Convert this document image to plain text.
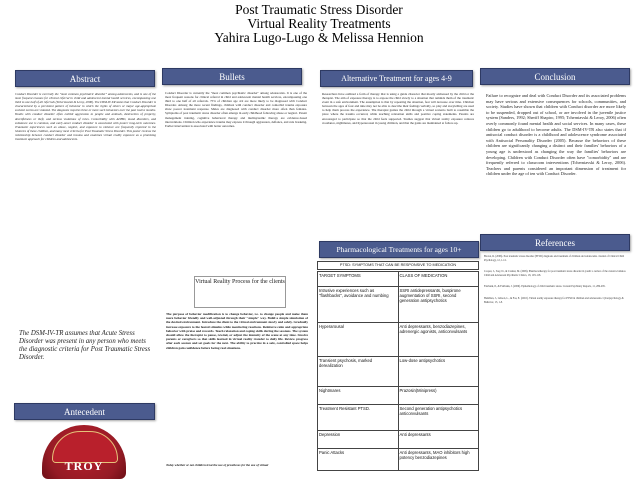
Post Traumatic Stress Disorder
Virtual Reality Treatments
Yahira Lugo-Lugo & Melissa Hennion
Abstract	Bullets	Alternative Treatment for ages 4-9	Conclusion
Pharmacological Treatments for ages 10+
References
Antecedent
Conduct Disorder is currently the "most common psychiatric disorder" among adolescents, and is one of the most frequent reasons for clinical referral in child and adolescent mental health services, encompassing one third to one half of all referrals (Tcherniavski & Leroy, 2006). The DSM-IV-TR states that Conduct Disorder is characterized by a persistent pattern of behavior in which the rights of others or major age-appropriate societal norms are violated. The diagnosis requires three or more such behaviors over the past twelve months. Youths with conduct disorder often exhibit aggression to people and animals, destruction of property, deceitfulness or theft, and serious violations of rules. Comorbidity with ADHD, mood disorders, and substance use is common, and early-onset conduct disorder is associated with poorer long-term outcomes. Traumatic experiences such as abuse, neglect, and exposure to violence are frequently reported in the histories of these children, and many meet criteria for Post Traumatic Stress Disorder. This poster reviews the relationship between conduct disorder and trauma and examines virtual reality exposure as a promising treatment approach for children and adolescents.
The DSM-IV-TR assumes that Acute Stress Disorder was present in any person who meets the diagnostic criteria for Post Traumatic Stress Disorder.
Conduct Disorder is currently the "most common psychiatric disorder" among adolescents. It is one of the most frequent reasons for clinical referral in child and adolescent mental health services, encompassing one third to one half of all referrals. 75% of children age 4-9 are more likely to be diagnosed with Conduct Disorder. Among the more recent findings, children with conduct disorder and comorbid trauma exposure show poorer treatment response. Males are diagnosed with conduct disorder more often than females. Symptoms of post traumatic stress disorder often emerge in early childhood following abuse or neglect. Parent management training, cognitive behavioral therapy and multisystemic therapy are evidence-based interventions. Children who experience trauma may express it through aggression, defiance, and rule breaking. Earlier intervention is associated with better outcomes.
Virtual Reality Process for the clients
The purpose of behavior modification is to change behavior, i.e. to change people and make them more behavior friendly and well-adjusted through their "simple" way. Build a simple simulation of the desired environment. Introduce the client to the virtual environment slowly and safely. Gradually increase exposure to the feared stimulus while monitoring reactions. Reinforce calm and appropriate behavior with praise and rewards. Teach relaxation and coping skills during the sessions. The system should allow the therapist to pause, rewind, or adjust the intensity of the scene at any time. Involve parents or caregivers so that skills learned in virtual reality transfer to daily life. Review progress after each session and set goals for the next. The ability to practice in a safe, controlled space helps children gain confidence before facing real situations.
Today whether or not children treat the use of prostheses for the use of virtual
Researchers have outlined a form of therapy that is using a guide character that mostly addressed by the child or the therapist. The aim of exposure therapy is to expose the child slowly to a situation that reminds them of the traumatic event in a safe environment. The assumption is that by repeating the situation, fear will decrease over time. Children between the ages of four and nine may not be able to describe their feelings verbally, so play and storytelling are used to help them process the experience. The therapist guides the child through a virtual scenario built to resemble the place where the trauma occurred, while teaching relaxation skills and positive coping statements. Parents are encouraged to participate so that the child feels supported. Studies suggest that virtual reality exposure reduces avoidance, nightmares, and hyperarousal in young children, and that the gains are maintained at follow-up.
PTSD: SYMPTOMS THAT CAN BE RESPONSIVE TO MEDICATION
TARGET SYMPTOMS	CLASS OF MEDICATION
Intrusive experiences such as "flashbacks", avoidance and numbing	SSRI antidepressants, buspirone augmentation of SSRI, second generation antipsychotics
Hyperarousal	Anti depressants, benzodiazepines, adrenergic agonists, anticonvulsants
Transient psychosis, marked derealization	Low-dose antipsychotics
Nightmares	Prazosin(Minipress)
Treatment Resistant PTSD.	Second generation antipsychotics anticonvulsants
Depression	Anti depressants
Panic Attacks	Anti depressants, MAO inhibitors high potency benzodiazepines
Failure to recognize and deal with Conduct Disorder and its associated problems may have serious and extensive consequences for schools, communities, and society. Studies have shown that children with Conduct disorder are more likely to be suspended, dropped out of school, or are involved in the juvenile justice system (Sanders, 1992; Sheriff Shapiro, 1995; Tcherniavski & Leroy, 2006) often overly commonly found mental health and social services. In many cases, these children go to adulthood to become adults. The DSM-IV-TR also states that if antisocial conduct disorder is a childhood and adolescence syndrome associated with Antisocial Personality Disorder (2005). Because the behaviors of these children are significantly changing a distinct and their families' behaviors of a young age is understood as changing the way the families' behaviors are developing. Children with Conduct Disorder often have "comorbidity" and are frequently referred to classroom interventions (Tcherniavski & Leroy, 2006). Teachers and parents considered an important dimension of treatment for children under the age of ten with Conduct Disorder.

Brown, R. (2006). Post traumatic stress disorder (PTSD) diagnosis and treatment of children and adolescents. Journal of Clinical Child Psychology, 12, 1-12.

Cooper, J., Ivey, D., & Cramer, M. (2009). Pharmacotherapy for post traumatic stress disorder in youth: a review of the current evidence. Child and Adolescent Psychiatric Clinics, 18, 103-118.

Fairbank, P., & Fairbank, J. (2009). Epidemiology of child traumatic stress. Current Psychiatry Reports, 11, 289-295.

Hamblen, J., Gibson, L., & Foa, E. (2010). Virtual reality exposure therapy for PTSD in children and adolescents. Cyberpsychology & Behavior, 13, 1-8.

TROY
